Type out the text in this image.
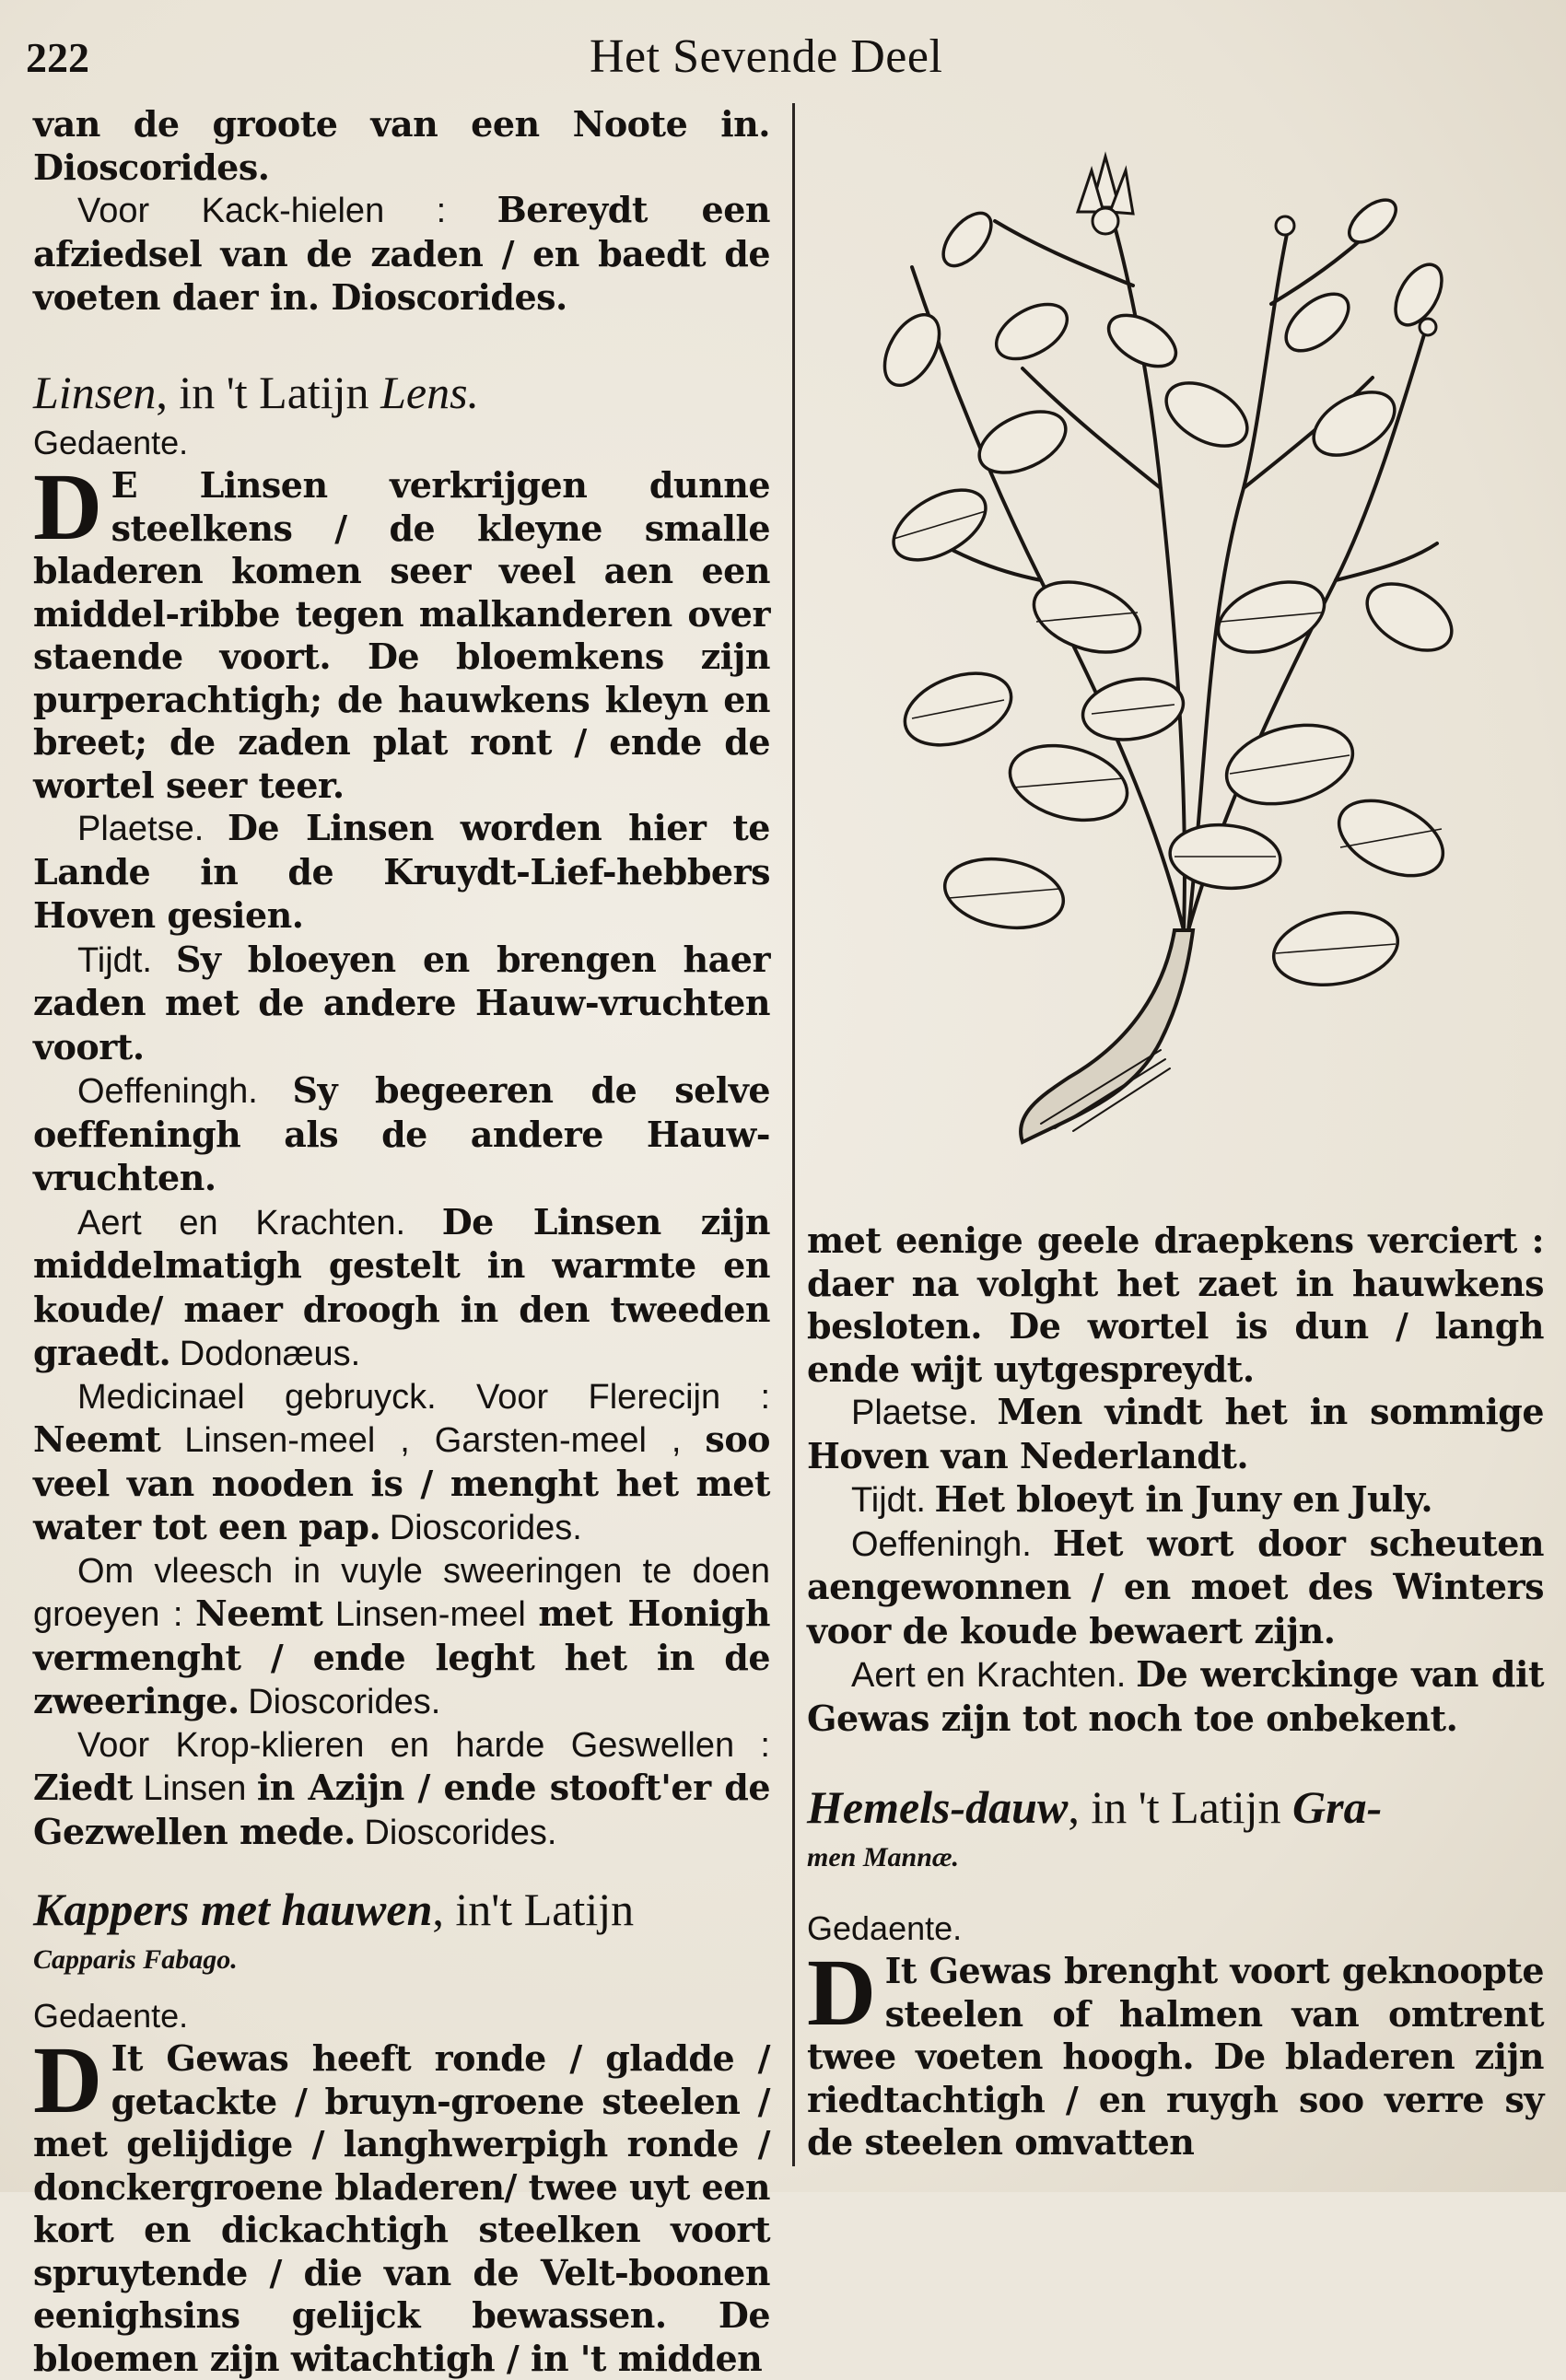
222	Het Sevende Deel

van de groote van een Noote in. Dioscorides.

Voor Kack-hielen : Bereydt een afziedsel van de zaden / en baedt de voeten daer in. Dioscorides.

Linsen, in 't Latijn Lens.

Gedaente.

D E Linsen verkrijgen dunne steelkens / de kleyne smalle bladeren komen seer veel aen een middel-ribbe tegen malkanderen over staende voort. De bloemkens zijn purperachtigh; de hauwkens kleyn en breet; de zaden plat ront / ende de wortel seer teer.

Plaetse. De Linsen worden hier te Lande in de Kruydt-Lief-hebbers Hoven gesien.

Tijdt. Sy bloeyen en brengen haer zaden met de andere Hauw-vruchten voort.

Oeffeningh. Sy begeeren de selve oeffeningh als de andere Hauw-vruchten.

Aert en Krachten. De Linsen zijn middelmatigh gestelt in warmte en koude/ maer droogh in den tweeden graedt. Dodonæus.

Medicinael gebruyck. Voor Flerecijn : Neemt Linsen-meel , Garsten-meel , soo veel van nooden is / menght het met water tot een pap. Dioscorides.

Om vleesch in vuyle sweeringen te doen groeyen : Neemt Linsen-meel met Honigh vermenght / ende leght het in de zweeringe. Dioscorides.

Voor Krop-klieren en harde Geswellen : Ziedt Linsen in Azijn / ende stooft'er de Gezwellen mede. Dioscorides.

Kappers met hauwen, in't Latijn

Capparis Fabago.

Gedaente.

D It Gewas heeft ronde / gladde / getackte / bruyn-groene steelen / met gelijdige / langhwerpigh ronde / donckergroene bladeren/ twee uyt een kort en dickachtigh steelken voort spruytende / die van de Velt-boonen eenighsins gelijck bewassen. De bloemen zijn witachtigh / in 't midden

met eenige geele draepkens verciert : daer na volght het zaet in hauwkens besloten. De wortel is dun / langh ende wijt uytgespreydt.

Plaetse. Men vindt het in sommige Hoven van Nederlandt.

Tijdt. Het bloeyt in Juny en July.

Oeffeningh. Het wort door scheuten aengewonnen / en moet des Winters voor de koude bewaert zijn.

Aert en Krachten. De werckinge van dit Gewas zijn tot noch toe onbekent.

Hemels-dauw, in 't Latijn Gra-

men Mannæ.

Gedaente.

D It Gewas brenght voort geknoopte steelen of halmen van omtrent twee voeten hoogh. De bladeren zijn riedtachtigh / en ruygh soo verre sy de steelen omvatten
